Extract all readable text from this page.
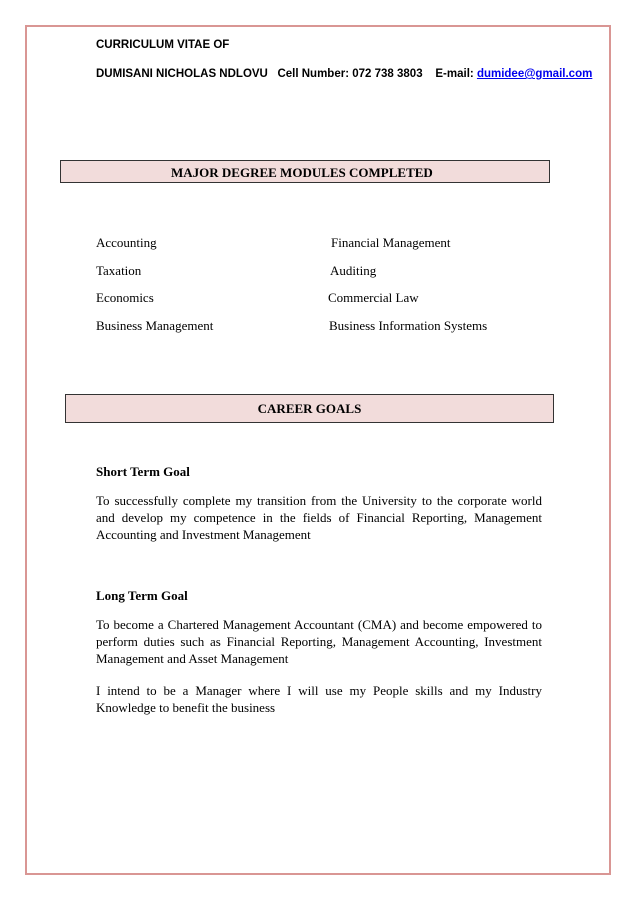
CURRICULUM VITAE OF
DUMISANI NICHOLAS NDLOVU Cell Number: 072 738 3803 E-mail: dumidee@gmail.com
MAJOR DEGREE MODULES COMPLETED
Accounting
Taxation
Economics
Business Management
Financial Management
Auditing
Commercial Law
Business Information Systems
CAREER GOALS
Short Term Goal
To successfully complete my transition from the University to the corporate world and develop my competence in the fields of Financial Reporting, Management Accounting and Investment Management
Long Term Goal
To become a Chartered Management Accountant (CMA) and become empowered to perform duties such as Financial Reporting, Management Accounting, Investment Management and Asset Management
I intend to be a Manager where I will use my People skills and my Industry Knowledge to benefit the business
